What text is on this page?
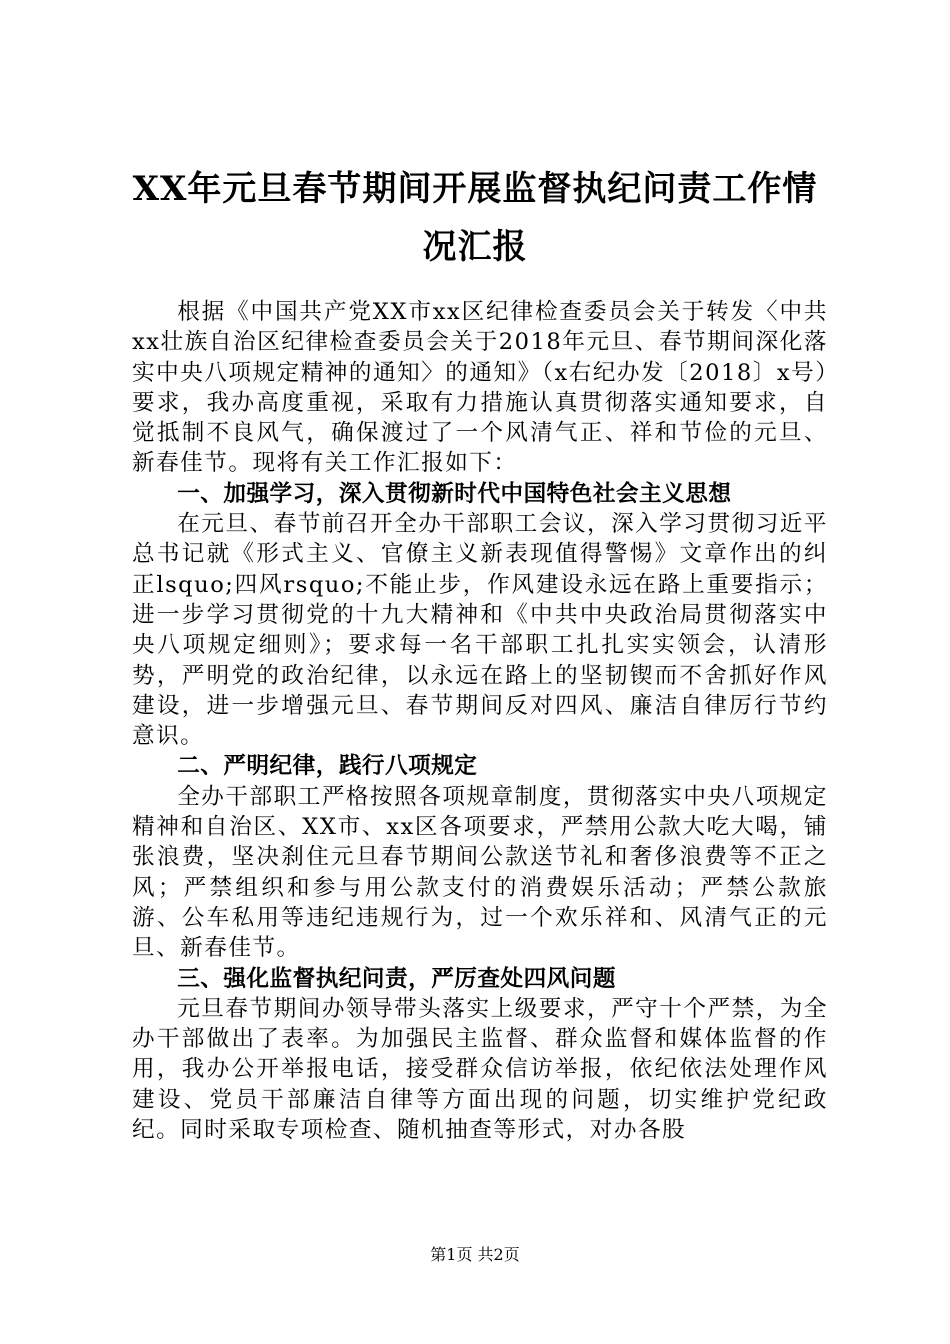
XX年元旦春节期间开展监督执纪问责工作情况汇报

根据《中国共产党XX市xx区纪律检查委员会关于转发〈中共xx壮族自治区纪律检查委员会关于2018年元旦、春节期间深化落实中央八项规定精神的通知〉的通知》（x右纪办发〔2018〕x号）要求，我办高度重视，采取有力措施认真贯彻落实通知要求，自觉抵制不良风气，确保渡过了一个风清气正、祥和节俭的元旦、新春佳节。现将有关工作汇报如下：

一、加强学习，深入贯彻新时代中国特色社会主义思想

在元旦、春节前召开全办干部职工会议，深入学习贯彻习近平总书记就《形式主义、官僚主义新表现值得警惕》文章作出的纠正lsquo;四风rsquo;不能止步，作风建设永远在路上重要指示；进一步学习贯彻党的十九大精神和《中共中央政治局贯彻落实中央八项规定细则》；要求每一名干部职工扎扎实实领会，认清形势，严明党的政治纪律，以永远在路上的坚韧锲而不舍抓好作风建设，进一步增强元旦、春节期间反对四风、廉洁自律厉行节约意识。

二、严明纪律，践行八项规定

全办干部职工严格按照各项规章制度，贯彻落实中央八项规定精神和自治区、XX市、xx区各项要求，严禁用公款大吃大喝，铺张浪费，坚决刹住元旦春节期间公款送节礼和奢侈浪费等不正之风；严禁组织和参与用公款支付的消费娱乐活动；严禁公款旅游、公车私用等违纪违规行为，过一个欢乐祥和、风清气正的元旦、新春佳节。

三、强化监督执纪问责，严厉查处四风问题

元旦春节期间办领导带头落实上级要求，严守十个严禁，为全办干部做出了表率。为加强民主监督、群众监督和媒体监督的作用，我办公开举报电话，接受群众信访举报，依纪依法处理作风建设、党员干部廉洁自律等方面出现的问题，切实维护党纪政纪。同时采取专项检查、随机抽查等形式，对办各股

第1页 共2页
